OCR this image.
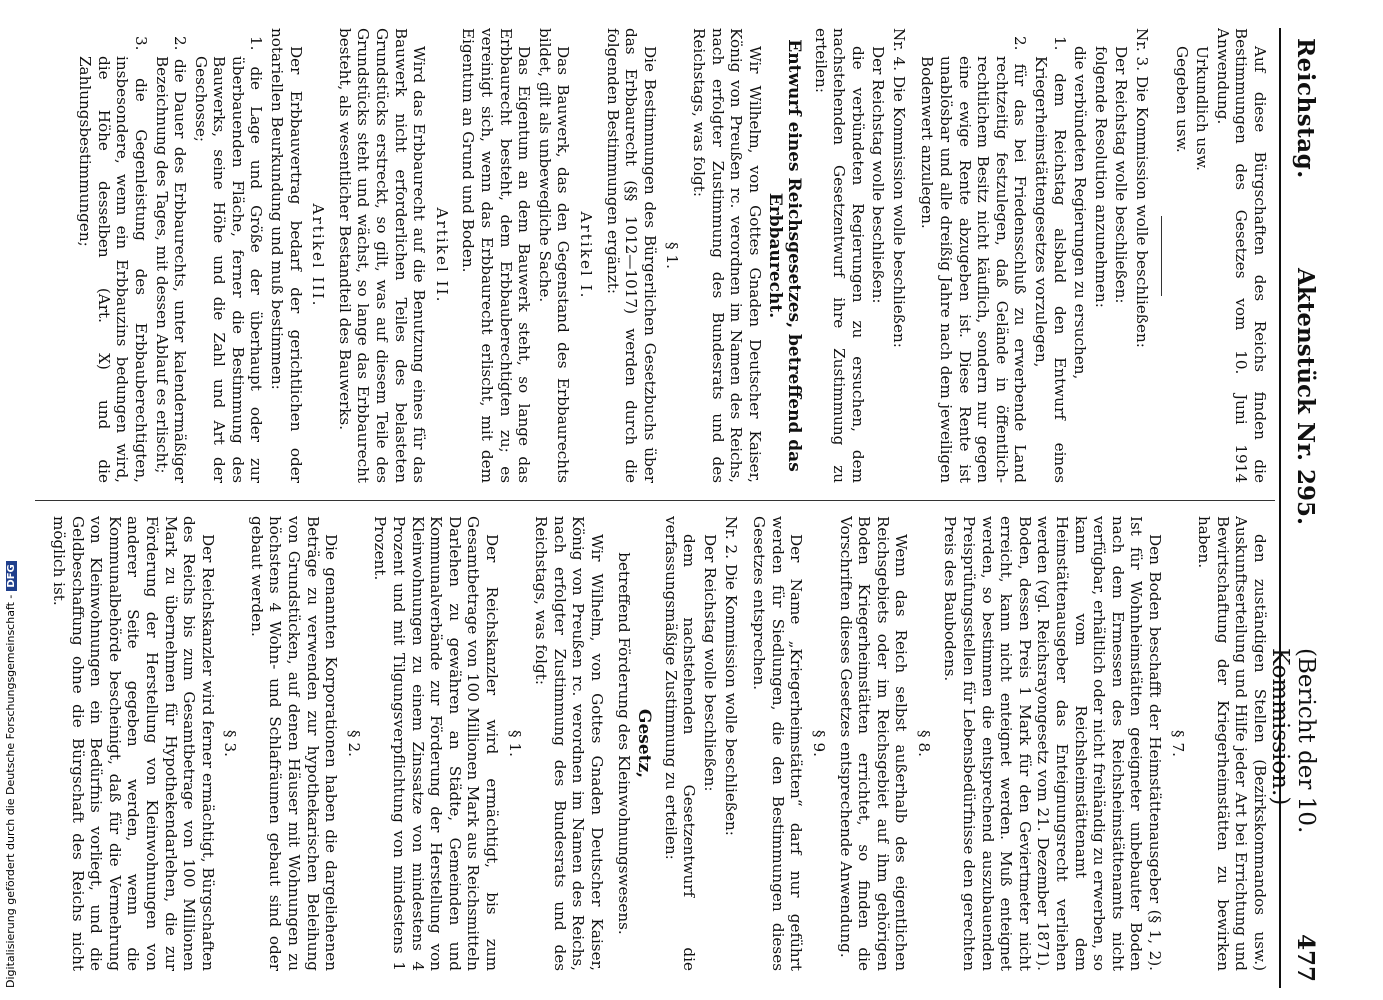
Reichstag.
Aktenstück Nr. 295.
(Bericht der 10. Kommission.)
477

Auf diese Bürgschaften des Reichs finden die Bestimmungen des Gesetzes vom 10. Juni 1914 Anwendung.

Urkundlich usw.

Gegeben usw.

Nr. 3. Die Kommission wolle beschließen:

Der Reichstag wolle beschließen:

folgende Resolution anzunehmen:

die verbündeten Regierungen zu ersuchen,

1. dem Reichstag alsbald den Entwurf eines Kriegerheimstättengesetzes vorzulegen,

2. für das bei Friedensschluß zu erwerbende Land rechtzeitig festzulegen, daß Gelände in öffentlich-rechtlichem Besitz nicht käuflich, sondern nur gegen eine ewige Rente abzugeben ist. Diese Rente ist unablösbar und alle dreißig Jahre nach dem jeweiligen Bodenwert anzulegen.

Nr. 4. Die Kommission wolle beschließen:

Der Reichstag wolle beschließen:

die verbündeten Regierungen zu ersuchen, dem nachstehenden Gesetzentwurf ihre Zustimmung zu erteilen:

Entwurf eines Reichsgesetzes, betreffend das Erbbaurecht.

Wir Wilhelm, von Gottes Gnaden Deutscher Kaiser, König von Preußen rc. verordnen im Namen des Reichs, nach erfolgter Zustimmung des Bundesrats und des Reichstags, was folgt:

§ 1.

Die Bestimmungen des Bürgerlichen Gesetzbuchs über das Erbbaurecht (§§ 1012—1017) werden durch die folgenden Bestimmungen ergänzt:

Artikel I.

Das Bauwerk, das den Gegenstand des Erbbaurechts bildet, gilt als unbewegliche Sache.

Das Eigentum an dem Bauwerk steht, so lange das Erbbaurecht besteht, dem Erbbauberechtigten zu; es vereinigt sich, wenn das Erbbaurecht erlischt, mit dem Eigentum an Grund und Boden.

Artikel II.

Wird das Erbbaurecht auf die Benutzung eines für das Bauwerk nicht erforderlichen Teiles des belasteten Grundstücks erstreckt, so gilt, was auf diesem Teile des Grundstücks steht und wächst, so lange das Erbbaurecht besteht, als wesentlicher Bestandteil des Bauwerks.

Artikel III.

Der Erbbauvertrag bedarf der gerichtlichen oder notariellen Beurkundung und muß bestimmen:

1. die Lage und Größe der überhaupt oder zur überbauenden Fläche, ferner die Bestimmung des Bauwerks, seine Höhe und die Zahl und Art der Geschosse;

2. die Dauer des Erbbaurechts, unter kalendermäßiger Bezeichnung des Tages, mit dessen Ablauf es erlischt;

3. die Gegenleistung des Erbbauberechtigten, insbesondere, wenn ein Erbbauzins bedungen wird, die Höhe desselben (Art. X) und die Zahlungsbestimmungen;

den zuständigen Stellen (Bezirkskommandos usw.) Auskunftserteilung und Hilfe jeder Art bei Errichtung und Bewirtschaftung der Kriegerheimstätten zu bewirken haben.

§ 7.

Den Boden beschafft der Heimstättenausgeber (§ 1, 2). Ist für Wohnheimstätten geeigneter unbebauter Boden nach dem Ermessen des Reichsheimstättenamts nicht verfügbar, erhältlich oder nicht freihändig zu erwerben, so kann vom Reichsheimstättenamt dem Heimstättenausgeber das Enteignungsrecht verliehen werden (vgl. Reichsrayongesetz vom 21. Dezember 1871). Boden, dessen Preis 1 Mark für den Geviertmeter nicht erreicht, kann nicht enteignet werden. Muß enteignet werden, so bestimmen die entsprechend auszubauenden Preisprüfungsstellen für Lebensbedürfnisse den gerechten Preis des Baubodens.

§ 8.

Wenn das Reich selbst außerhalb des eigentlichen Reichsgebiets oder im Reichsgebiet auf ihm gehörigen Boden Kriegerheimstätten errichtet, so finden die Vorschriften dieses Gesetzes entsprechende Anwendung.

§ 9.

Der Name „Kriegerheimstätten“ darf nur geführt werden für Siedlungen, die den Bestimmungen dieses Gesetzes entsprechen.

Nr. 2. Die Kommission wolle beschließen:

Der Reichstag wolle beschließen:

dem nachstehenden Gesetzentwurf die verfassungsmäßige Zustimmung zu erteilen:

Gesetz,

betreffend Förderung des Kleinwohnungswesens.

Wir Wilhelm, von Gottes Gnaden Deutscher Kaiser, König von Preußen rc. verordnen im Namen des Reichs, nach erfolgter Zustimmung des Bundesrats und des Reichstags, was folgt:

§ 1.

Der Reichskanzler wird ermächtigt, bis zum Gesamtbetrage von 100 Millionen Mark aus Reichsmitteln Darlehen zu gewähren an Städte, Gemeinden und Kommunalverbände zur Förderung der Herstellung von Kleinwohnungen zu einem Zinssatze von mindestens 4 Prozent und mit Tilgungsverpflichtung von mindestens 1 Prozent.

§ 2.

Die genannten Korporationen haben die dargeliehenen Beträge zu verwenden zur hypothekarischen Beleihung von Grundstücken, auf denen Häuser mit Wohnungen zu höchstens 4 Wohn- und Schlafräumen gebaut sind oder gebaut werden.

§ 3.

Der Reichskanzler wird ferner ermächtigt, Bürgschaften des Reichs bis zum Gesamtbetrage von 100 Millionen Mark zu übernehmen für Hypothekendarlehen, die zur Förderung der Herstellung von Kleinwohnungen von anderer Seite gegeben werden, wenn die Kommunalbehörde bescheinigt, daß für die Vermehrung von Kleinwohnungen ein Bedürfnis vorliegt, und die Geldbeschaffung ohne die Bürgschaft des Reichs nicht möglich ist.

Digitalisierung gefördert durch die Deutsche Forschungsgemeinschaft -DFG
